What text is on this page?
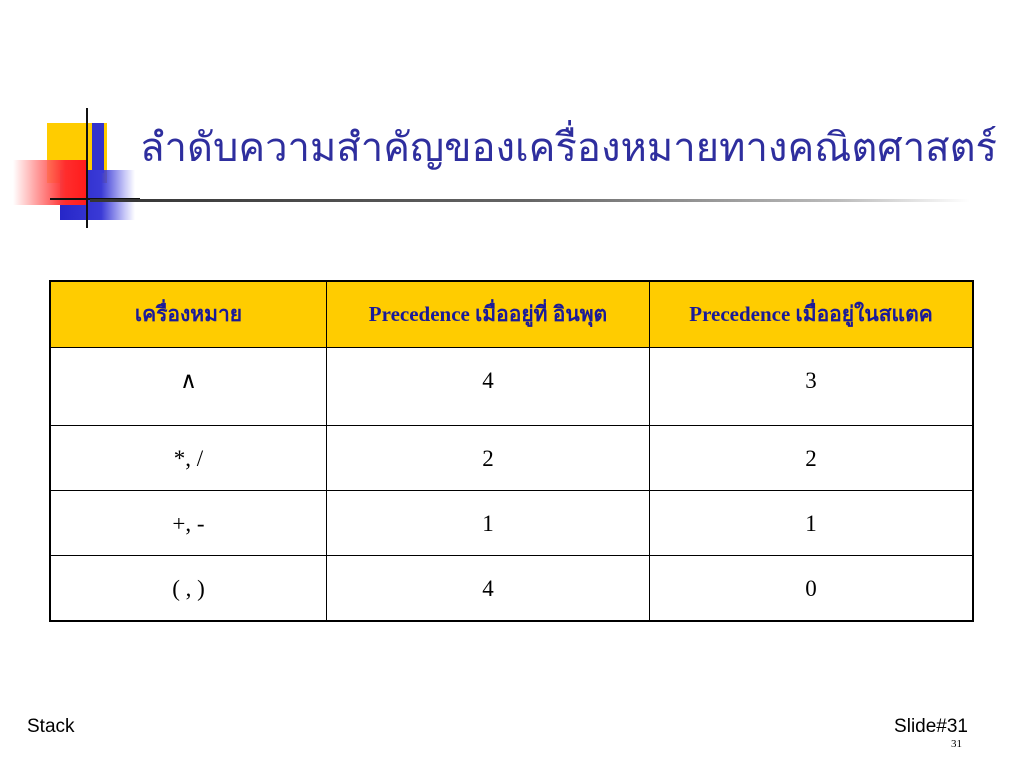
ลำดับความสำคัญของเครื่องหมายทางคณิตศาสตร์
เครื่องหมาย	Precedence เมื่ออยู่ที่ อินพุต	Precedence เมื่ออยู่ในสแตค
∧	4	3
*, /	2	2
+, -	1	1
( , )	4	0
Stack	Slide#31
31
